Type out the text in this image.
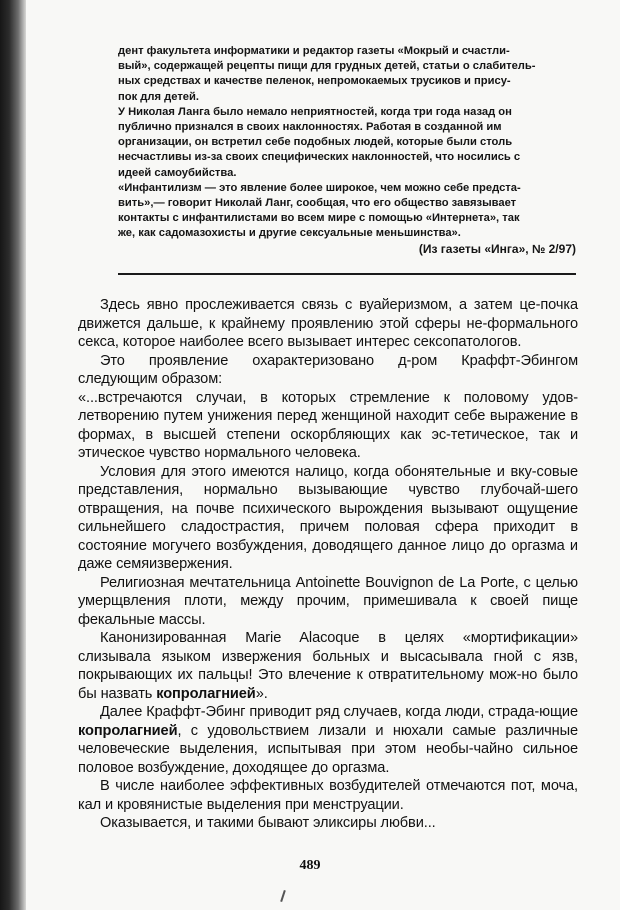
дент факультета информатики и редактор газеты «Мокрый и счастли-

вый», содержащей рецепты пищи для грудных детей, статьи о слабитель-

ных средствах и качестве пеленок, непромокаемых трусиков и прису-

пок для детей.

У Николая Ланга было немало неприятностей, когда три года назад он

публично признался в своих наклонностях. Работая в созданной им

организации, он встретил себе подобных людей, которые были столь

несчастливы из-за своих специфических наклонностей, что носились с

идеей самоубийства.

«Инфантилизм — это явление более широкое, чем можно себе предста-

вить»,— говорит Николай Ланг, сообщая, что его общество завязывает

контакты с инфантилистами во всем мире с помощью «Интернета», так

же, как садомазохисты и другие сексуальные меньшинства».

(Из газеты «Инга», № 2/97)

Здесь явно прослеживается связь с вуайеризмом, а затем це-почка движется дальше, к крайнему проявлению этой сферы не-формального секса, которое наиболее всего вызывает интерес сексопатологов.

Это проявление охарактеризовано д-ром Краффт-Эбингом следующим образом:

«...встречаются случаи, в которых стремление к половому удов-летворению путем унижения перед женщиной находит себе выражение в формах, в высшей степени оскорбляющих как эс-тетическое, так и этическое чувство нормального человека.

Условия для этого имеются налицо, когда обонятельные и вку-совые представления, нормально вызывающие чувство глубочай-шего отвращения, на почве психического вырождения вызывают ощущение сильнейшего сладострастия, причем половая сфера приходит в состояние могучего возбуждения, доводящего данное лицо до оргазма и даже семяизвержения.

Религиозная мечтательница Antoinette Bouvignon de La Porte, с целью умерщвления плоти, между прочим, примешивала к своей пище фекальные массы.

Канонизированная Marie Alacoque в целях «мортификации» слизывала языком извержения больных и высасывала гной с язв, покрывающих их пальцы! Это влечение к отвратительному мож-но было бы назвать копролагнией».

Далее Краффт-Эбинг приводит ряд случаев, когда люди, страда-ющие копролагнией, с удовольствием лизали и нюхали самые различные человеческие выделения, испытывая при этом необы-чайно сильное половое возбуждение, доходящее до оргазма.

В числе наиболее эффективных возбудителей отмечаются пот, моча, кал и кровянистые выделения при менструации.

Оказывается, и такими бывают эликсиры любви...

489
